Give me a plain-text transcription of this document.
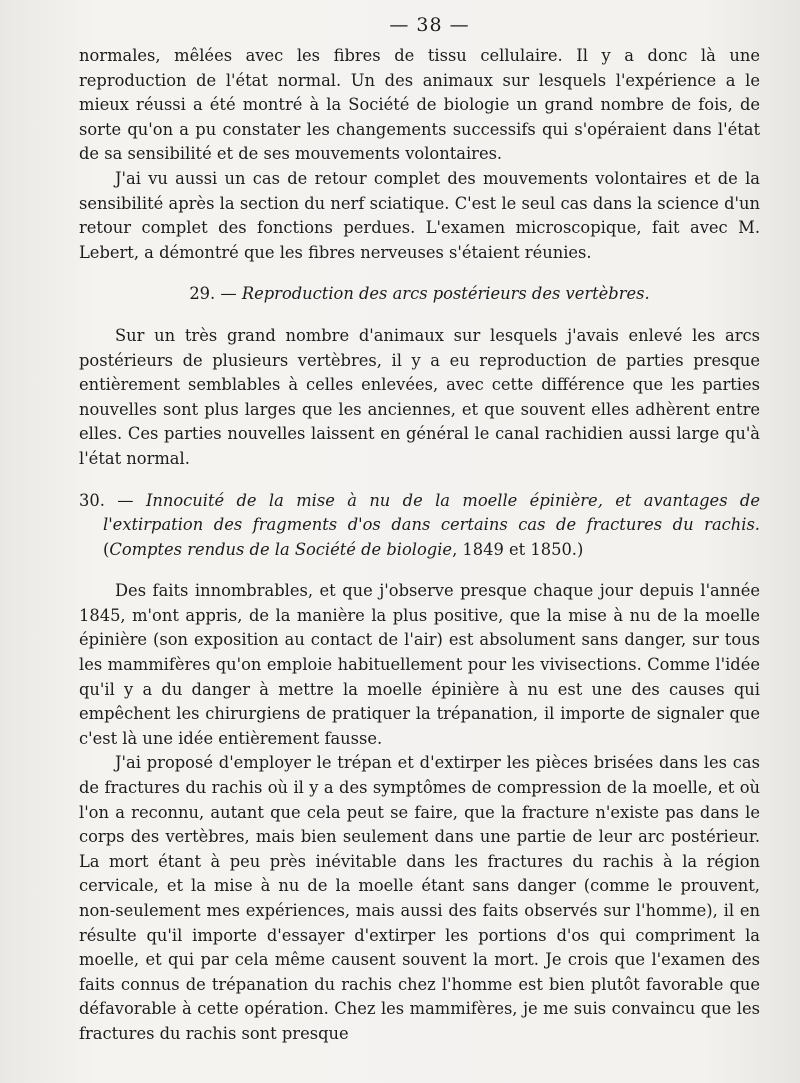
— 38 —

normales, mêlées avec les fibres de tissu cellulaire. Il y a donc là une reproduction de l'état normal. Un des animaux sur lesquels l'expérience a le mieux réussi a été montré à la Société de biologie un grand nombre de fois, de sorte qu'on a pu constater les changements successifs qui s'opéraient dans l'état de sa sensibilité et de ses mouvements volontaires.

J'ai vu aussi un cas de retour complet des mouvements volontaires et de la sensibilité après la section du nerf sciatique. C'est le seul cas dans la science d'un retour complet des fonctions perdues. L'examen microscopique, fait avec M. Lebert, a démontré que les fibres nerveuses s'étaient réunies.

29. — Reproduction des arcs postérieurs des vertèbres.

Sur un très grand nombre d'animaux sur lesquels j'avais enlevé les arcs postérieurs de plusieurs vertèbres, il y a eu reproduction de parties presque entièrement semblables à celles enlevées, avec cette différence que les parties nouvelles sont plus larges que les anciennes, et que souvent elles adhèrent entre elles. Ces parties nouvelles laissent en général le canal rachidien aussi large qu'à l'état normal.

30. — Innocuité de la mise à nu de la moelle épinière, et avantages de l'extirpation des fragments d'os dans certains cas de fractures du rachis. (Comptes rendus de la Société de biologie, 1849 et 1850.)

Des faits innombrables, et que j'observe presque chaque jour depuis l'année 1845, m'ont appris, de la manière la plus positive, que la mise à nu de la moelle épinière (son exposition au contact de l'air) est absolument sans danger, sur tous les mammifères qu'on emploie habituellement pour les vivisections. Comme l'idée qu'il y a du danger à mettre la moelle épinière à nu est une des causes qui empêchent les chirurgiens de pratiquer la trépanation, il importe de signaler que c'est là une idée entièrement fausse.

J'ai proposé d'employer le trépan et d'extirper les pièces brisées dans les cas de fractures du rachis où il y a des symptômes de compression de la moelle, et où l'on a reconnu, autant que cela peut se faire, que la fracture n'existe pas dans le corps des vertèbres, mais bien seulement dans une partie de leur arc postérieur. La mort étant à peu près inévitable dans les fractures du rachis à la région cervicale, et la mise à nu de la moelle étant sans danger (comme le prouvent, non-seulement mes expériences, mais aussi des faits observés sur l'homme), il en résulte qu'il importe d'essayer d'extirper les portions d'os qui compriment la moelle, et qui par cela même causent souvent la mort. Je crois que l'examen des faits connus de trépanation du rachis chez l'homme est bien plutôt favorable que défavorable à cette opération. Chez les mammifères, je me suis convaincu que les fractures du rachis sont presque
